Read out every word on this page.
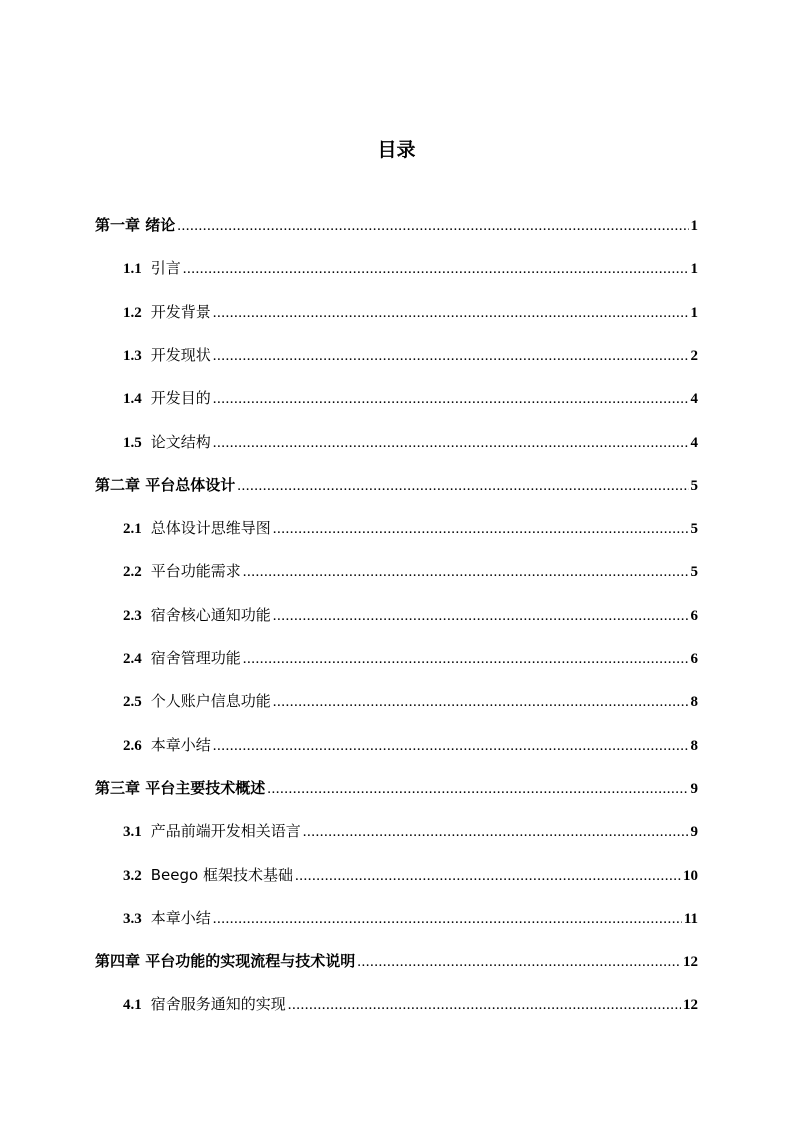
目录
第一章 绪论 .....	1
1.1 引言 .....	1
1.2 开发背景 .....	1
1.3 开发现状 .....	2
1.4 开发目的 .....	4
1.5 论文结构 .....	4
第二章 平台总体设计 .....	5
2.1 总体设计思维导图 .....	5
2.2 平台功能需求 .....	5
2.3 宿舍核心通知功能 .....	6
2.4 宿舍管理功能 .....	6
2.5 个人账户信息功能 .....	8
2.6 本章小结 .....	8
第三章 平台主要技术概述 .....	9
3.1 产品前端开发相关语言 .....	9
3.2 Beego 框架技术基础 .....	10
3.3 本章小结 .....	11
第四章 平台功能的实现流程与技术说明 .....	12
4.1 宿舍服务通知的实现 .....	12
